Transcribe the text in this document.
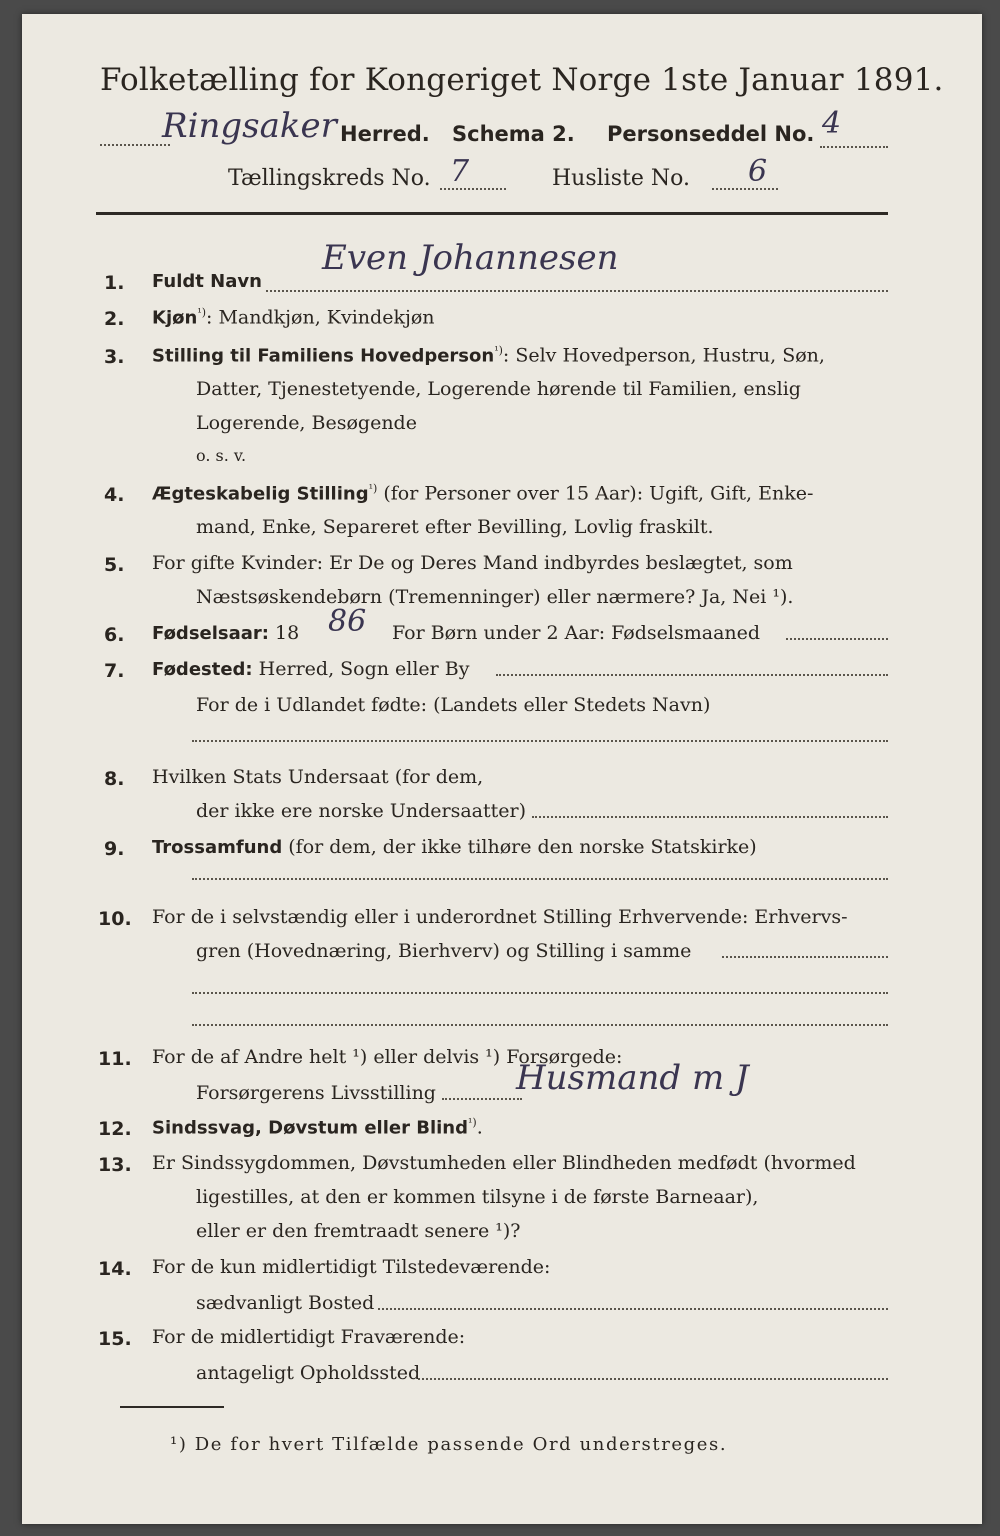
Folketælling for Kongeriget Norge 1ste Januar 1891.
Ringsaker Herred. Schema 2. Personseddel No. 4
Tællingskreds No. 7	Husliste No. 6
1. Fuldt Navn
Even Johannesen
2. Kjøn$^{^1)}$: Mandkjøn, Kvindekjøn
3. Stilling til Familiens Hovedperson$^{^1)}$: Selv Hovedperson, Hustru, Søn,
Datter, Tjenestetyende, Logerende hørende til Familien, enslig
Logerende, Besøgende
o. s. v.
4. Ægteskabelig Stilling$^{^1)}$ (for Personer over 15 Aar): Ugift, Gift, Enke-
mand, Enke, Separeret efter Bevilling, Lovlig fraskilt.
5. For gifte Kvinder: Er De og Deres Mand indbyrdes beslægtet, som
Næstsøskendebørn (Tremenninger) eller nærmere? Ja, Nei ¹).
6. Fødselsaar: 18 86 For Børn under 2 Aar: Fødselsmaaned
7. Fødested: Herred, Sogn eller By
For de i Udlandet fødte: (Landets eller Stedets Navn)
8. Hvilken Stats Undersaat (for dem,
der ikke ere norske Undersaatter)
9. Trossamfund (for dem, der ikke tilhøre den norske Statskirke)
10. For de i selvstændig eller i underordnet Stilling Erhvervende: Erhvervs-
gren (Hovednæring, Bierhverv) og Stilling i samme
11. For de af Andre helt ¹) eller delvis ¹) Forsørgede:
Forsørgerens Livsstilling Husmand m J
12. Sindssvag, Døvstum eller Blind$^{^1)}$.
13. Er Sindssygdommen, Døvstumheden eller Blindheden medfødt (hvormed
ligestilles, at den er kommen tilsyne i de første Barneaar),
eller er den fremtraadt senere ¹)?
14. For de kun midlertidigt Tilstedeværende:
sædvanligt Bosted
¹) De for hvert Tilfælde passende Ord understreges.
15. For de midlertidigt Fraværende:
antageligt Opholdssted
